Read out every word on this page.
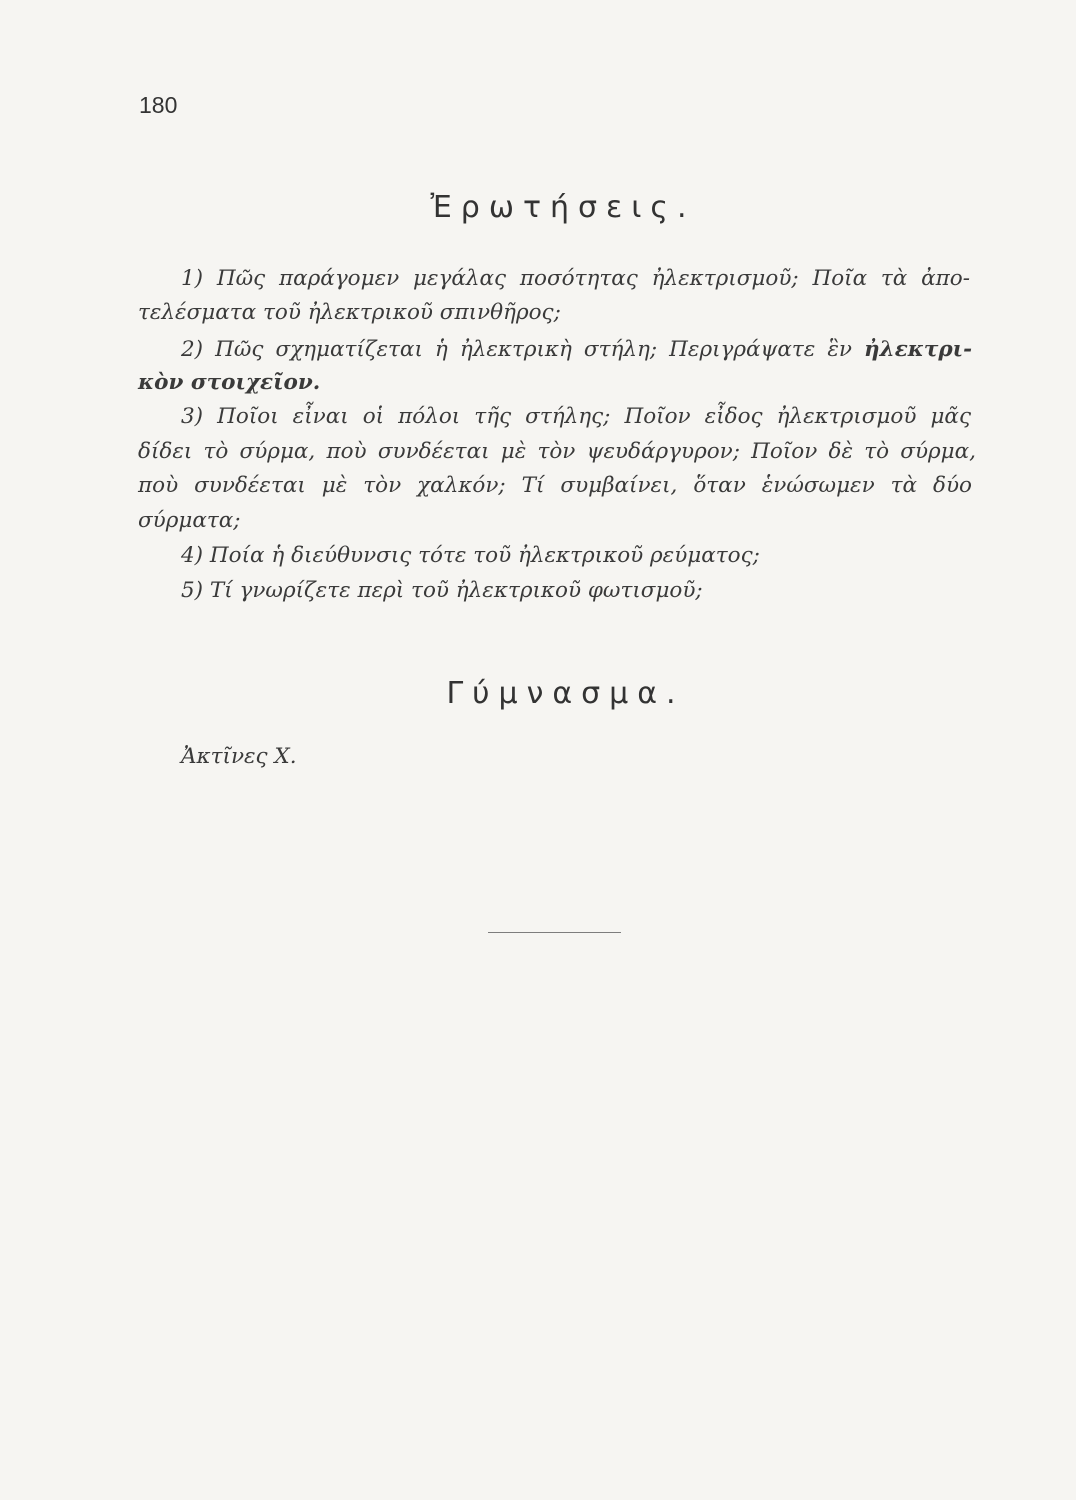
180
Ἐρωτήσεις.
1) Πῶς παράγομεν μεγάλας ποσότητας ἠλεκτρισμοῦ; Ποῖα τὰ ἀπο-
τελέσματα τοῦ ἠλεκτρικοῦ σπινθῆρος;
2) Πῶς σχηματίζεται ἡ ἠλεκτρικὴ στήλη; Περιγράψατε ἓν ἠλεκτρι-
κὸν στοιχεῖον.
3) Ποῖοι εἶναι οἱ πόλοι τῆς στήλης; Ποῖον εἶδος ἠλεκτρισμοῦ μᾶς
δίδει τὸ σύρμα, ποὺ συνδέεται μὲ τὸν ψευδάργυρον; Ποῖον δὲ τὸ σύρμα,
ποὺ συνδέεται μὲ τὸν χαλκόν; Τί συμβαίνει, ὅταν ἑνώσωμεν τὰ δύο
σύρματα;
4) Ποία ἡ διεύθυνσις τότε τοῦ ἠλεκτρικοῦ ρεύματος;
5) Τί γνωρίζετε περὶ τοῦ ἠλεκτρικοῦ φωτισμοῦ;
Γύμνασμα.
Ἀκτῖνες X.
